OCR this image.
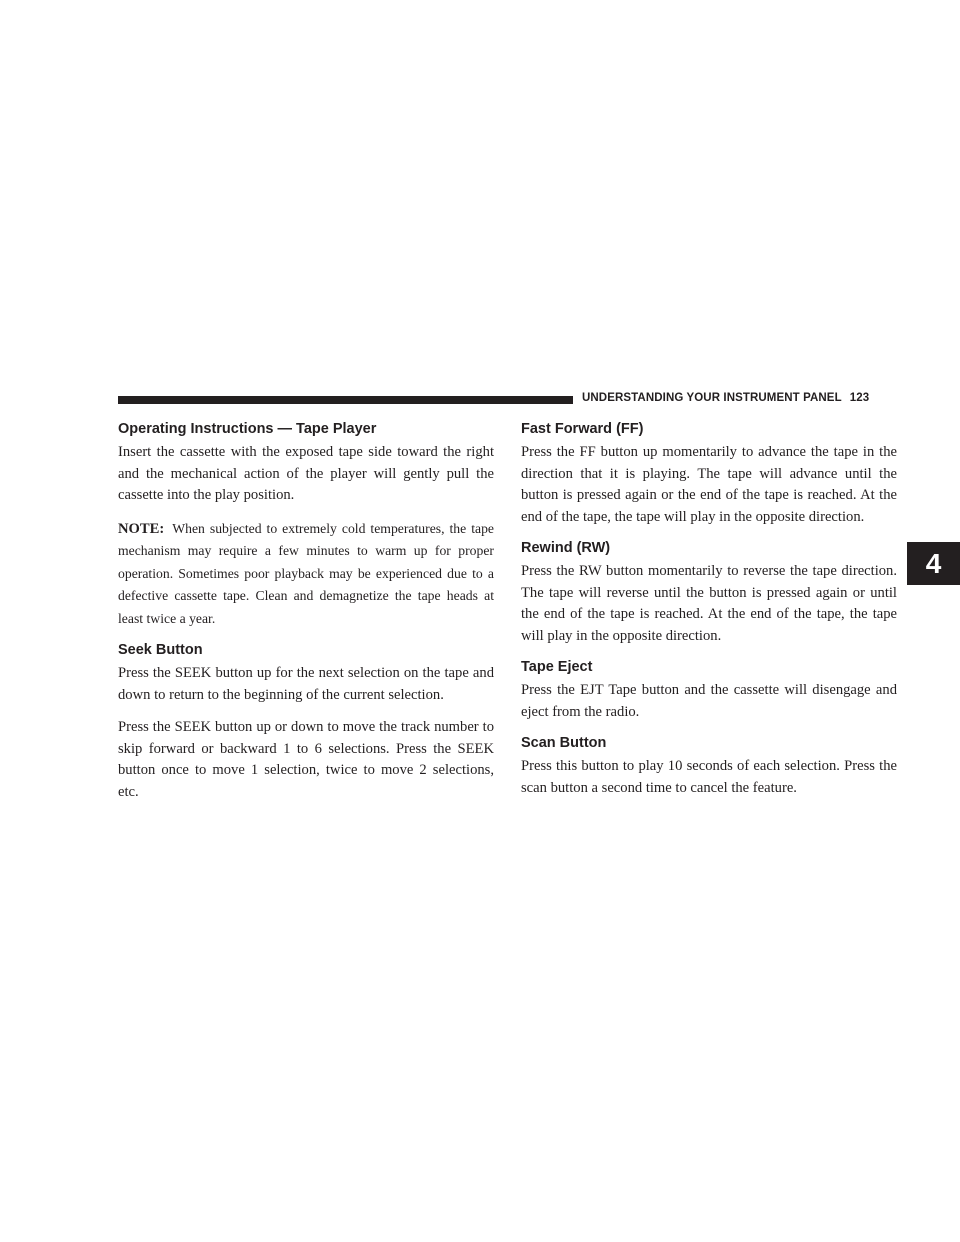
UNDERSTANDING YOUR INSTRUMENT PANEL 123
4
Operating Instructions — Tape Player

Insert the cassette with the exposed tape side toward the right and the mechanical action of the player will gently pull the cassette into the play position.

NOTE: When subjected to extremely cold temperatures, the tape mechanism may require a few minutes to warm up for proper operation. Sometimes poor playback may be experienced due to a defective cassette tape. Clean and demagnetize the tape heads at least twice a year.

Seek Button

Press the SEEK button up for the next selection on the tape and down to return to the beginning of the current selection.

Press the SEEK button up or down to move the track number to skip forward or backward 1 to 6 selections. Press the SEEK button once to move 1 selection, twice to move 2 selections, etc.

Fast Forward (FF)

Press the FF button up momentarily to advance the tape in the direction that it is playing. The tape will advance until the button is pressed again or the end of the tape is reached. At the end of the tape, the tape will play in the opposite direction.

Rewind (RW)

Press the RW button momentarily to reverse the tape direction. The tape will reverse until the button is pressed again or until the end of the tape is reached. At the end of the tape, the tape will play in the opposite direction.

Tape Eject

Press the EJT Tape button and the cassette will disengage and eject from the radio.

Scan Button

Press this button to play 10 seconds of each selection. Press the scan button a second time to cancel the feature.
